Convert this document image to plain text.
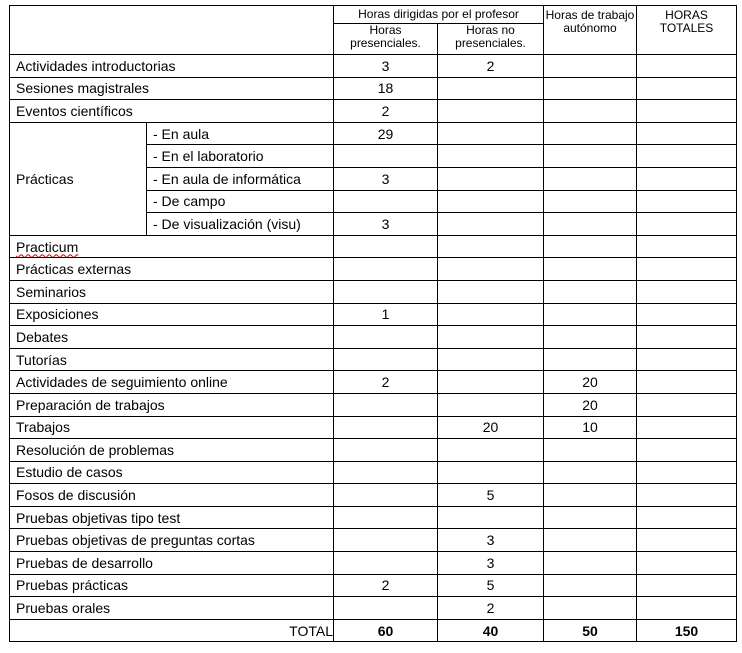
		Horas dirigidas por el profesor		Horas de trabajo autónomo	HORAS TOTALES
		Horas presenciales.	Horas no presenciales.		
Actividades introductorias		3	2		
Sesiones magistrales		18			
Eventos científicos		2			
Prácticas	- En aula	29			
	- En el laboratorio				
	- En aula de informática	3			
	- De campo				
	- De visualización (visu)	3			
Practicum					
Prácticas externas					
Seminarios					
Exposiciones		1			
Debates					
Tutorías					
Actividades de seguimiento online		2		20	
Preparación de trabajos				20	
Trabajos			20	10	
Resolución de problemas					
Estudio de casos					
Fosos de discusión			5		
Pruebas objetivas tipo test					
Pruebas objetivas de preguntas cortas			3		
Pruebas de desarrollo			3		
Pruebas prácticas		2	5		
Pruebas orales			2		
TOTAL		60	40	50	150
